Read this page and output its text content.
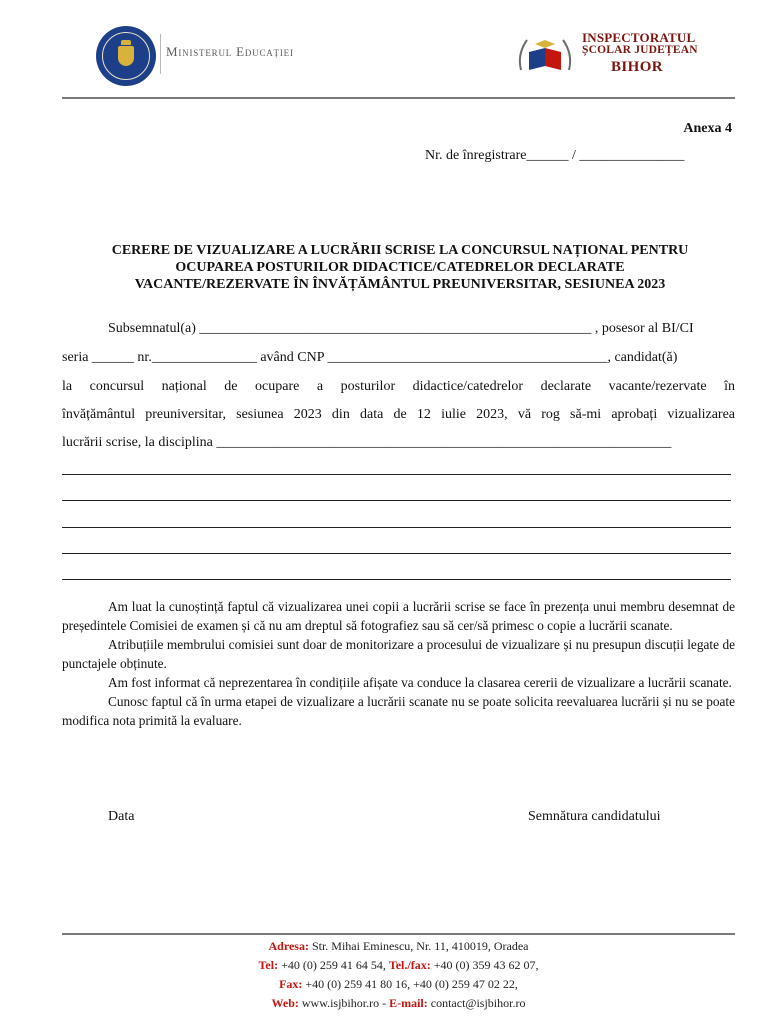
Ministerul Educației
INSPECTORATUL
ȘCOLAR JUDEȚEAN
BIHOR
Anexa 4
Nr. de înregistrare______ / _______________
CERERE DE VIZUALIZARE A LUCRĂRII SCRISE LA CONCURSUL NAȚIONAL PENTRU
OCUPAREA POSTURILOR DIDACTICE/CATEDRELOR DECLARATE
VACANTE/REZERVATE ÎN ÎNVĂȚĂMÂNTUL PREUNIVERSITAR, SESIUNEA 2023
Subsemnatul(a) ________________________________________________________ , posesor al BI/CI
seria ______ nr._______________ având CNP ________________________________________, candidat(ă)
la concursul național de ocupare a posturilor didactice/catedrelor declarate vacante/rezervate în
învățământul preuniversitar, sesiunea 2023 din data de 12 iulie 2023, vă rog să-mi aprobați vizualizarea
lucrării scrise, la disciplina _________________________________________________________________

Am luat la cunoștință faptul că vizualizarea unei copii a lucrării scrise se face în prezența unui membru desemnat de președintele Comisiei de examen și că nu am dreptul să fotografiez sau să cer/să primesc o copie a lucrării scanate.

Atribuțiile membrului comisiei sunt doar de monitorizare a procesului de vizualizare și nu presupun discuții legate de punctajele obținute.

Am fost informat că neprezentarea în condițiile afișate va conduce la clasarea cererii de vizualizare a lucrării scanate.

Cunosc faptul că în urma etapei de vizualizare a lucrării scanate nu se poate solicita reevaluarea lucrării și nu se poate modifica nota primită la evaluare.

Data	Semnătura candidatului
Adresa: Str. Mihai Eminescu, Nr. 11, 410019, Oradea
Tel: +40 (0) 259 41 64 54, Tel./fax: +40 (0) 359 43 62 07,
Fax: +40 (0) 259 41 80 16, +40 (0) 259 47 02 22,
Web: www.isjbihor.ro - E-mail: contact@isjbihor.ro
